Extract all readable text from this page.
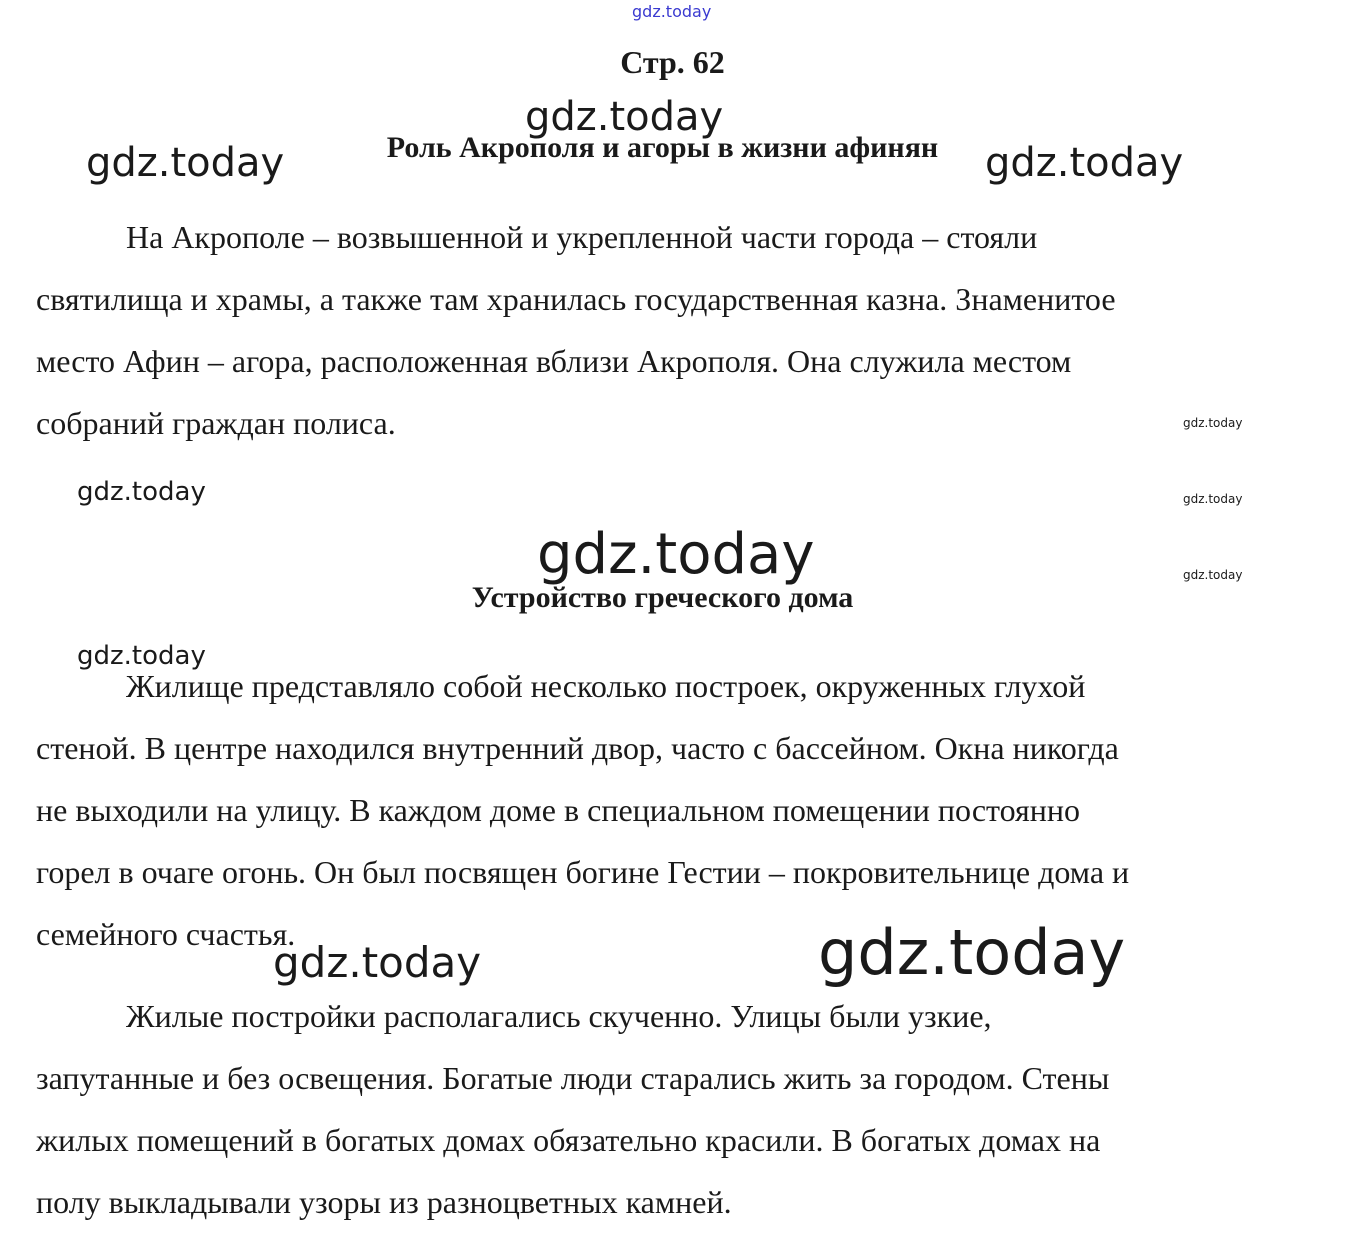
gdz.today
gdz.today
gdz.today	gdz.today
gdz.today
gdz.today
gdz.today
gdz.today
gdz.today
gdz.today
gdz.today	gdz.today
Стр. 62
Роль Акрополя и агоры в жизни афинян

На Акрополе – возвышенной и укрепленной части города – стояли
святилища и храмы, а также там хранилась государственная казна. Знаменитое
место Афин – агора, расположенная вблизи Акрополя. Она служила местом
собраний граждан полиса.

Устройство греческого дома

Жилище представляло собой несколько построек, окруженных глухой
стеной. В центре находился внутренний двор, часто с бассейном. Окна никогда
не выходили на улицу. В каждом доме в специальном помещении постоянно
горел в очаге огонь. Он был посвящен богине Гестии – покровительнице дома и
семейного счастья.

Жилые постройки располагались скученно. Улицы были узкие,
запутанные и без освещения. Богатые люди старались жить за городом. Стены
жилых помещений в богатых домах обязательно красили. В богатых домах на
полу выкладывали узоры из разноцветных камней.
